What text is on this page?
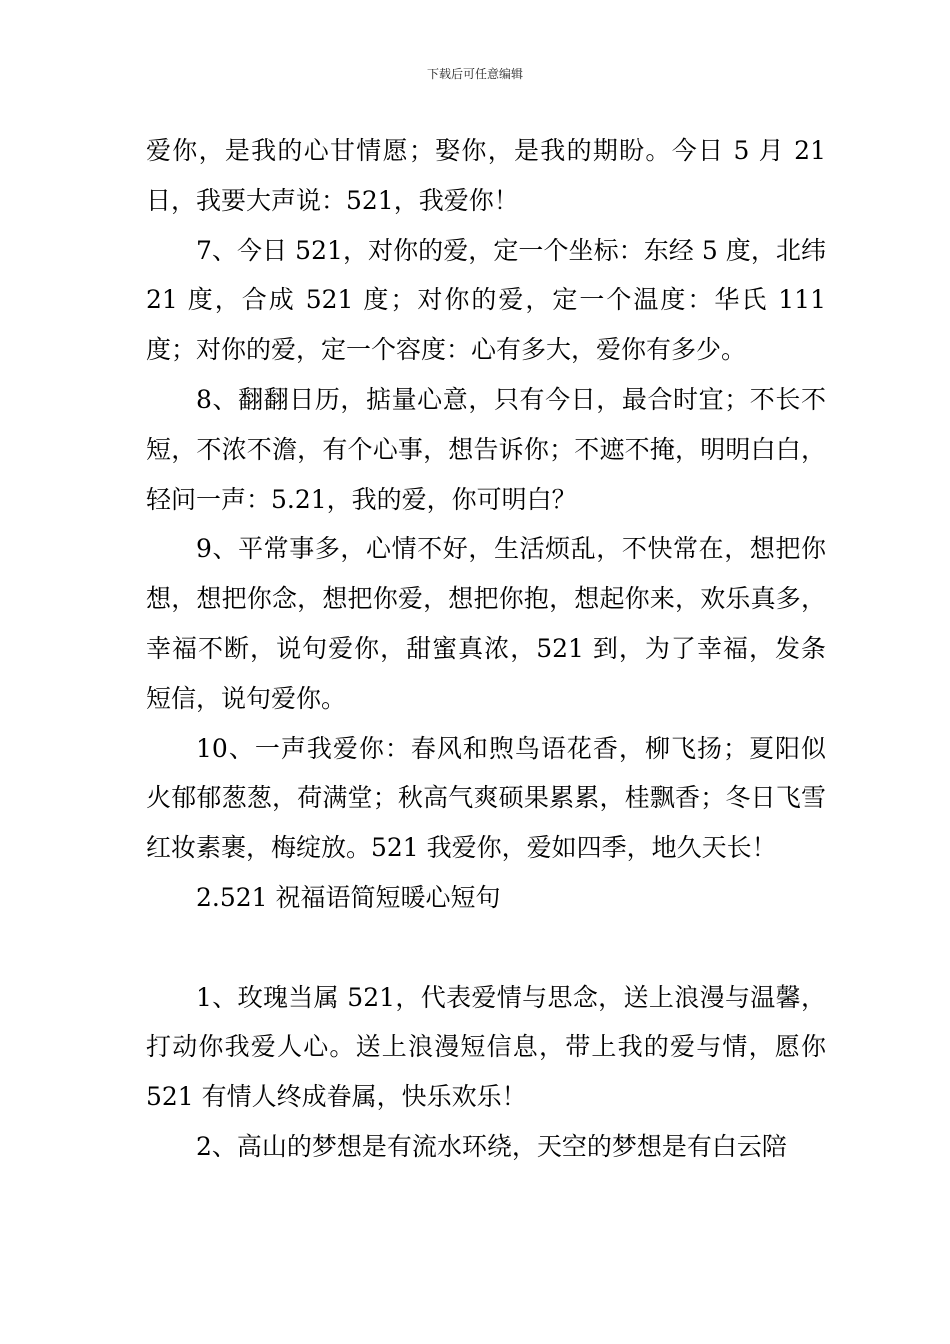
下载后可任意编辑

爱你，是我的心甘情愿；娶你，是我的期盼。今日 5 月 21 日，我要大声说：521，我爱你！

7、今日 521，对你的爱，定一个坐标：东经 5 度，北纬 21 度，合成 521 度；对你的爱，定一个温度：华氏 111 度；对你的爱，定一个容度：心有多大，爱你有多少。

8、翻翻日历，掂量心意，只有今日，最合时宜；不长不短，不浓不澹，有个心事，想告诉你；不遮不掩，明明白白，轻问一声：5.21，我的爱，你可明白？

9、平常事多，心情不好，生活烦乱，不快常在，想把你想，想把你念，想把你爱，想把你抱，想起你来，欢乐真多，幸福不断，说句爱你，甜蜜真浓，521 到，为了幸福，发条短信，说句爱你。

10、一声我爱你：春风和煦鸟语花香，柳飞扬；夏阳似火郁郁葱葱，荷满堂；秋高气爽硕果累累，桂飘香；冬日飞雪红妆素裹，梅绽放。521 我爱你，爱如四季，地久天长！

2.521 祝福语简短暖心短句

1、玫瑰当属 521，代表爱情与思念，送上浪漫与温馨，打动你我爱人心。送上浪漫短信息，带上我的爱与情，愿你 521 有情人终成眷属，快乐欢乐！

2、高山的梦想是有流水环绕，天空的梦想是有白云陪
